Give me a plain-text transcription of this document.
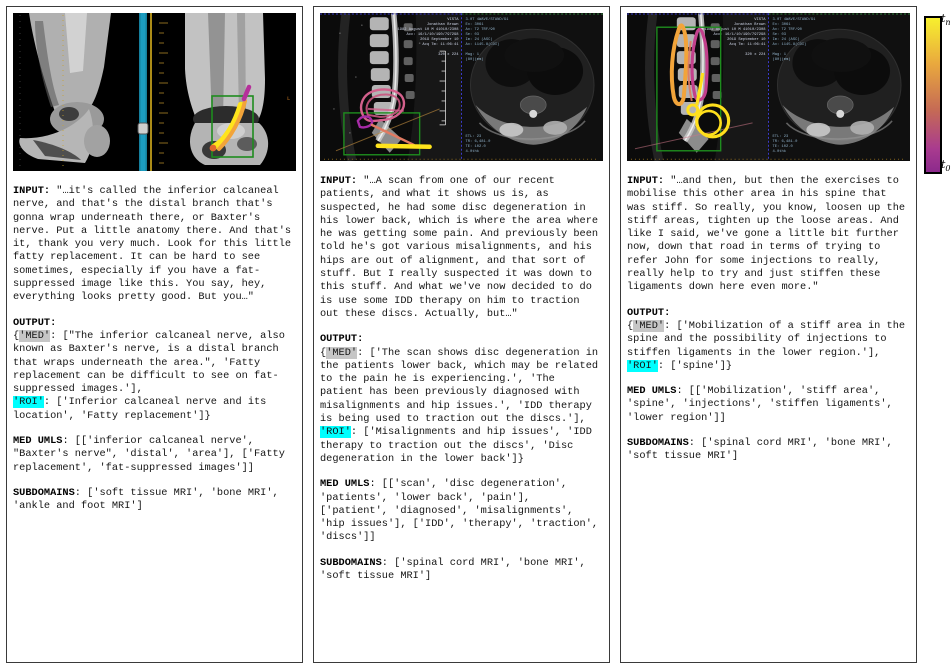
L

INPUT: "…it's called the inferior calcaneal nerve, and that's the distal branch that's gonna wrap underneath there, or Baxter's nerve. Put a little anatomy there. And that's it, thank you very much. Look for this little fatty replacement. It can be hard to see sometimes, especially if you have a fat-suppressed image like this. You say, hey, everything looks pretty good. But you…"

OUTPUT:
{'MED': ["The inferior calcaneal nerve, also known as Baxter's nerve, is a distal branch that wraps underneath the area.", 'Fatty replacement can be difficult to see on fat-suppressed images.'],
'ROI': ['Inferior calcaneal nerve and its location', 'Fatty replacement']}

MED UMLS: [['inferior calcaneal nerve', "Baxter's nerve", 'distal', 'area'], ['Fatty replacement', 'fat-suppressed images']]

SUBDOMAINS: ['soft tissue MRI', 'bone MRI', 'ankle and foot MRI']

VISTA
Jonathan Brown
1982 August 10 M 41010/2308
Acc: 16/1/10/190/797298
2019 September 10
Acq Tm: 11:06:41
320 x 224
3.0T 4WAVE/STAND/G1
Ex: 3061
Ax: T2 TRF/90
Se: 03
Im: 24 (ASC)
Ax: 1145.8(COI)
Mag: 1
(80)(mm)
ETL: 23
TR: 6,481.0
TE: 102.0
4.0thk

INPUT: "…A scan from one of our recent patients, and what it shows us is, as suspected, he had some disc degeneration in his lower back, which is where the area where he was getting some pain. And previously been told he's got various misalignments, and his hips are out of alignment, and that sort of stuff. But I really suspected it was down to this stuff. And what we've now decided to do is use some IDD therapy on him to traction out these discs. Actually, but…"

OUTPUT:
{'MED': ['The scan shows disc degeneration in the patients lower back, which may be related to the pain he is experiencing.', 'The patient has been previously diagnosed with misalignments and hip issues.', 'IDD therapy is being used to traction out the discs.'],
'ROI': ['Misalignments and hip issues', 'IDD therapy to traction out the discs', 'Disc degeneration in the lower back']}

MED UMLS: [['scan', 'disc degeneration', 'patients', 'lower back', 'pain'], ['patient', 'diagnosed', 'misalignments', 'hip issues'], ['IDD', 'therapy', 'traction', 'discs']]

SUBDOMAINS: ['spinal cord MRI', 'bone MRI', 'soft tissue MRI']

VISTA
Jonathan Brown
1982 August 10 M 41010/2308
Acc: 16/1/10/190/797298
2019 September 10
Acq Tm: 11:06:41
320 x 224
3.0T 4WAVE/STAND/G1
Ex: 3061
Ax: T2 TRF/90
Se: 03
Im: 24 (ASC)
Ax: 1145.8(COI)
Mag: 1
(80)(mm)
ETL: 23
TR: 6,481.0
TE: 102.0
4.0thk

INPUT: "…and then, but then the exercises to mobilise this other area in his spine that was stiff. So really, you know, loosen up the stiff areas, tighten up the loose areas. And like I said, we've gone a little bit further now, down that road in terms of trying to refer John for some injections to really, really help to try and just stiffen these ligaments down here even more."

OUTPUT:
{'MED': ['Mobilization of a stiff area in the spine and the possibility of injections to stiffen ligaments in the lower region.'],
'ROI': ['spine']}

MED UMLS: [['Mobilization', 'stiff area', 'spine', 'injections', 'stiffen ligaments', 'lower region']]

SUBDOMAINS: ['spinal cord MRI', 'bone MRI', 'soft tissue MRI']

$t_n$
$t_0$
